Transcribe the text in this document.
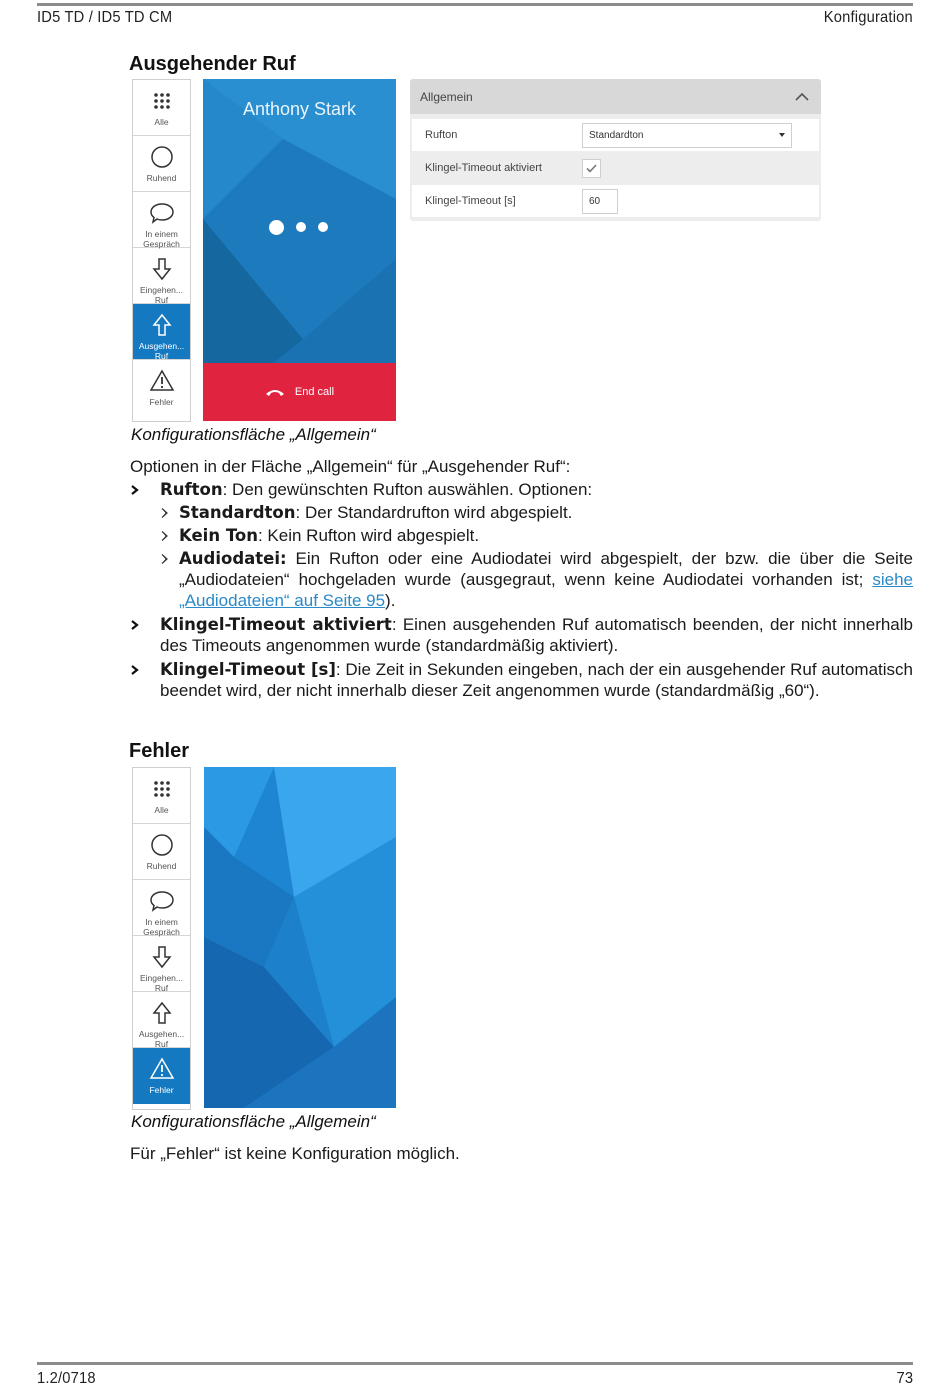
ID5 TD / ID5 TD CM	Konfiguration
Ausgehender Ruf
Alle
Ruhend
In einem
Gespräch
Eingehen...
Ruf
Ausgehen...
Ruf
Fehler
Anthony Stark
End call
Allgemein
Rufton	Standardton
Klingel-Timeout aktiviert
Klingel-Timeout [s]	60
Konfigurationsfläche „Allgemein“
Optionen in der Fläche „Allgemein“ für „Ausgehender Ruf“:
Rufton: Den gewünschten Rufton auswählen. Optionen:
Standardton: Der Standardrufton wird abgespielt.
Kein Ton: Kein Rufton wird abgespielt.
Audiodatei: Ein Rufton oder eine Audiodatei wird abgespielt, der bzw. die über die Seite „Audiodateien“ hochgeladen wurde (ausgegraut, wenn keine Audiodatei vorhanden ist; siehe „Audiodateien“ auf Seite 95).
Klingel-Timeout aktiviert: Einen ausgehenden Ruf automatisch beenden, der nicht innerhalb des Timeouts angenommen wurde (standardmäßig aktiviert).
Klingel-Timeout [s]: Die Zeit in Sekunden eingeben, nach der ein ausgehender Ruf automatisch beendet wird, der nicht innerhalb dieser Zeit angenommen wurde (standardmäßig „60“).
Fehler
Alle
Ruhend
In einem
Gespräch
Eingehen...
Ruf
Ausgehen...
Ruf
Fehler
Konfigurationsfläche „Allgemein“
Für „Fehler“ ist keine Konfiguration möglich.
1.2/0718	73
